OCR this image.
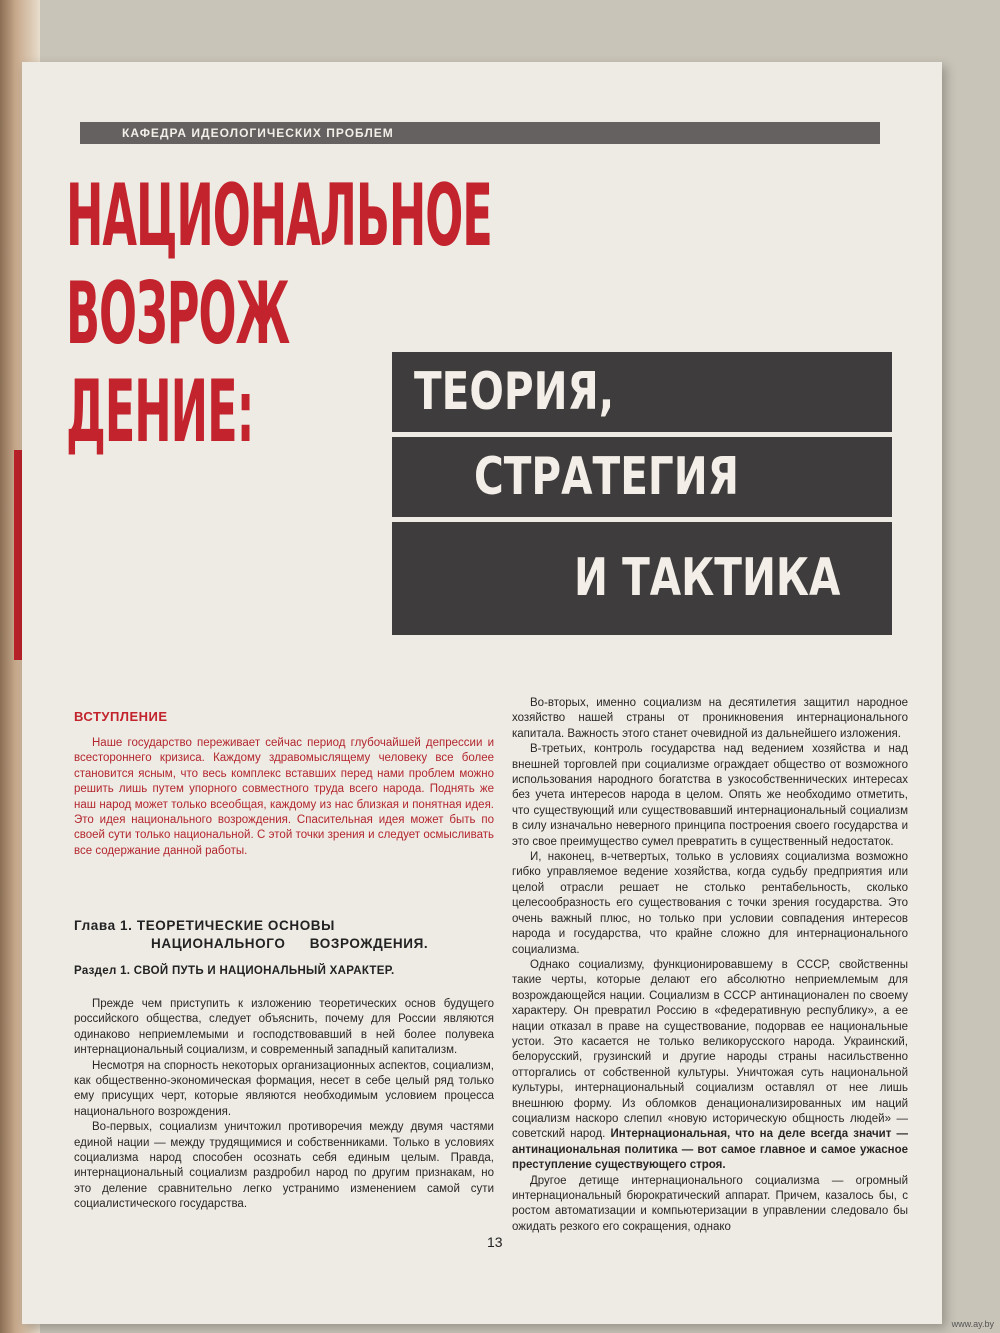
КАФЕДРА ИДЕОЛОГИЧЕСКИХ ПРОБЛЕМ
НАЦИОНАЛЬНОЕ
ВОЗРОЖ
ДЕНИЕ:	ТЕОРИЯ,
СТРАТЕГИЯ
И ТАКТИКА
ВСТУПЛЕНИЕ

Наше государство переживает сейчас период глубочайшей депрессии и всестороннего кризиса. Каждому здравомыслящему человеку все более становится ясным, что весь комплекс вставших перед нами проблем можно решить лишь путем упорного совместного труда всего народа. Поднять же наш народ может только всеобщая, каждому из нас близкая и понятная идея. Это идея национального возрождения. Спасительная идея может быть по своей сути только национальной. С этой точки зрения и следует осмысливать все содержание данной работы.

Глава 1. ТЕОРЕТИЧЕСКИЕ ОСНОВЫ
НАЦИОНАЛЬНОГО ВОЗРОЖДЕНИЯ.
Раздел 1. СВОЙ ПУТЬ И НАЦИОНАЛЬНЫЙ ХАРАКТЕР.

Прежде чем приступить к изложению теоретических основ будущего российского общества, следует объяснить, почему для России являются одинаково неприемлемыми и господствовавший в ней более полувека интернациональный социализм, и современный западный капитализм.

Несмотря на спорность некоторых организационных аспектов, социализм, как общественно-экономическая формация, несет в себе целый ряд только ему присущих черт, которые являются необходимым условием процесса национального возрождения.

Во-первых, социализм уничтожил противоречия между двумя частями единой нации — между трудящимися и собственниками. Только в условиях социализма народ способен осознать себя единым целым. Правда, интернациональный социализм раздробил народ по другим признакам, но это деление сравнительно легко устранимо изменением самой сути социалистического государства.

Во-вторых, именно социализм на десятилетия защитил народное хозяйство нашей страны от проникновения интернационального капитала. Важность этого станет очевидной из дальнейшего изложения.

В-третьих, контроль государства над ведением хозяйства и над внешней торговлей при социализме ограждает общество от возможного использования народного богатства в узкособственнических интересах без учета интересов народа в целом. Опять же необходимо отметить, что существующий или существовавший интернациональный социализм в силу изначально неверного принципа построения своего государства и это свое преимущество сумел превратить в существенный недостаток.

И, наконец, в-четвертых, только в условиях социализма возможно гибко управляемое ведение хозяйства, когда судьбу предприятия или целой отрасли решает не столько рентабельность, сколько целесообразность его существования с точки зрения государства. Это очень важный плюс, но только при условии совпадения интересов народа и государства, что крайне сложно для интернационального социализма.

Однако социализму, функционировавшему в СССР, свойственны такие черты, которые делают его абсолютно неприемлемым для возрождающейся нации. Социализм в СССР антинационален по своему характеру. Он превратил Россию в «федеративную республику», а ее нации отказал в праве на существование, подорвав ее национальные устои. Это касается не только великорусского народа. Украинский, белорусский, грузинский и другие народы страны насильственно отторгались от собственной культуры. Уничтожая суть национальной культуры, интернациональный социализм оставлял от нее лишь внешнюю форму. Из обломков денационализированных им наций социализм наскоро слепил «новую историческую общность людей» — советский народ. Интернациональная, что на деле всегда значит — антинациональная политика — вот самое главное и самое ужасное преступление существующего строя.

Другое детище интернационального социализма — огромный интернациональный бюрократический аппарат. Причем, казалось бы, с ростом автоматизации и компьютеризации в управлении следовало бы ожидать резкого его сокращения, однако

13
www.ay.by
